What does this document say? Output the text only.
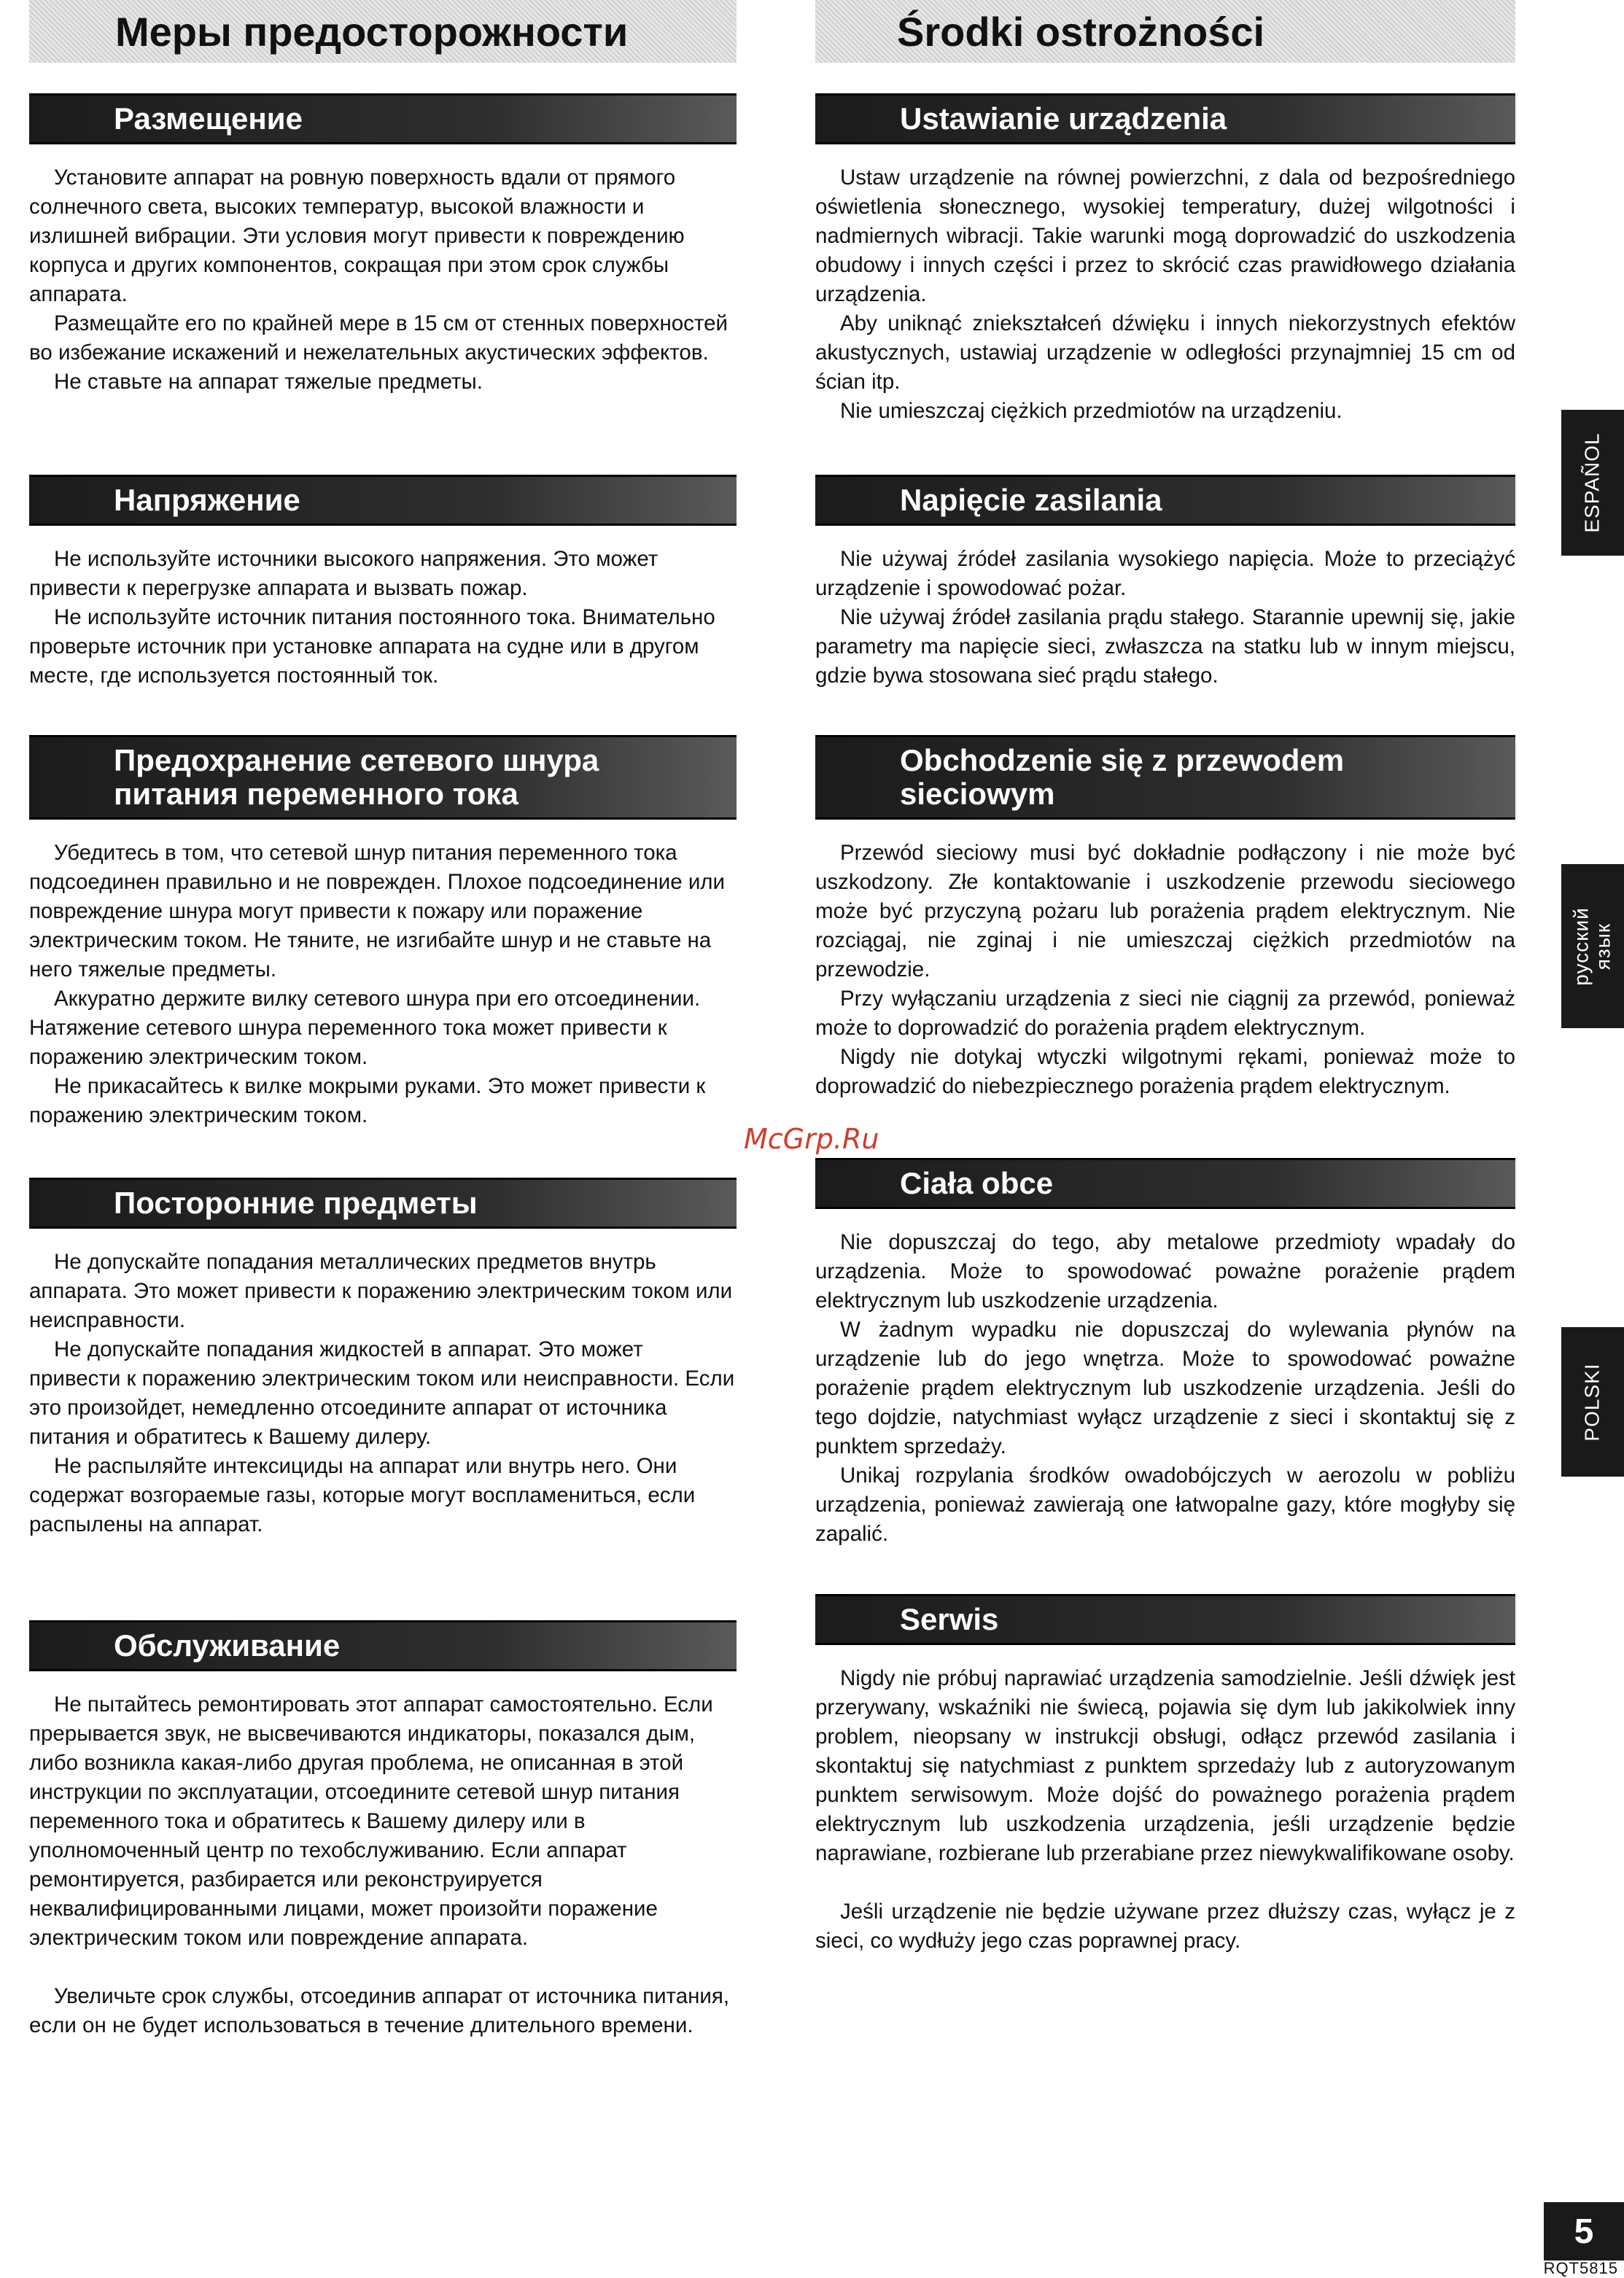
Меры предосторожности
Размещение

Установите аппарат на ровную поверхность вдали от прямого солнечного света, высоких температур, высокой влажности и излишней вибрации. Эти условия могут привести к повреждению корпуса и других компонентов, сокращая при этом срок службы аппарата.

Размещайте его по крайней мере в 15 см от стенных поверхностей во избежание искажений и нежелательных акустических эффектов.

Не ставьте на аппарат тяжелые предметы.

Напряжение

Не используйте источники высокого напряжения. Это может привести к перегрузке аппарата и вызвать пожар.

Не используйте источник питания постоянного тока. Внимательно проверьте источник при установке аппарата на судне или в другом месте, где используется постоянный ток.

Предохранение сетевого шнура питания переменного тока

Убедитесь в том, что сетевой шнур питания переменного тока подсоединен правильно и не поврежден. Плохое подсоединение или повреждение шнура могут привести к пожару или поражение электрическим током. Не тяните, не изгибайте шнур и не ставьте на него тяжелые предметы.

Аккуратно держите вилку сетевого шнура при его отсоединении. Натяжение сетевого шнура переменного тока может привести к поражению электрическим током.

Не прикасайтесь к вилке мокрыми руками. Это может привести к поражению электрическим током.

Посторонние предметы

Не допускайте попадания металлических предметов внутрь аппарата. Это может привести к поражению электрическим током или неисправности.

Не допускайте попадания жидкостей в аппарат. Это может привести к поражению электрическим током или неисправности. Если это произойдет, немедленно отсоедините аппарат от источника питания и обратитесь к Вашему дилеру.

Не распыляйте интексициды на аппарат или внутрь него. Они содержат возгораемые газы, которые могут воспламениться, если распылены на аппарат.

Обслуживание

Не пытайтесь ремонтировать этот аппарат самостоятельно. Если прерывается звук, не высвечиваются индикаторы, показался дым, либо возникла какая-либо другая проблема, не описанная в этой инструкции по эксплуатации, отсоедините сетевой шнур питания переменного тока и обратитесь к Вашему дилеру или в уполномоченный центр по техобслуживанию. Если аппарат ремонтируется, разбирается или реконструируется неквалифицированными лицами, может произойти поражение электрическим током или повреждение аппарата.

Увеличьте срок службы, отсоединив аппарат от источника питания, если он не будет использоваться в течение длительного времени.

Środki ostrożności
Ustawianie urządzenia

Ustaw urządzenie na równej powierzchni, z dala od bezpośredniego oświetlenia słonecznego, wysokiej temperatury, dużej wilgotności i nadmiernych wibracji. Takie warunki mogą doprowadzić do uszkodzenia obudowy i innych części i przez to skrócić czas prawidłowego działania urządzenia.

Aby uniknąć zniekształceń dźwięku i innych niekorzystnych efektów akustycznych, ustawiaj urządzenie w odległości przynajmniej 15 cm od ścian itp.

Nie umieszczaj ciężkich przedmiotów na urządzeniu.

Napięcie zasilania

Nie używaj źródeł zasilania wysokiego napięcia. Może to przeciążyć urządzenie i spowodować pożar.

Nie używaj źródeł zasilania prądu stałego. Starannie upewnij się, jakie parametry ma napięcie sieci, zwłaszcza na statku lub w innym miejscu, gdzie bywa stosowana sieć prądu stałego.

Obchodzenie się z przewodem sieciowym

Przewód sieciowy musi być dokładnie podłączony i nie może być uszkodzony. Złe kontaktowanie i uszkodzenie przewodu sieciowego może być przyczyną pożaru lub porażenia prądem elektrycznym. Nie rozciągaj, nie zginaj i nie umieszczaj ciężkich przedmiotów na przewodzie.

Przy wyłączaniu urządzenia z sieci nie ciągnij za przewód, ponieważ może to doprowadzić do porażenia prądem elektrycznym.

Nigdy nie dotykaj wtyczki wilgotnymi rękami, ponieważ może to doprowadzić do niebezpiecznego porażenia prądem elektrycznym.

Ciała obce

Nie dopuszczaj do tego, aby metalowe przedmioty wpadały do urządzenia. Może to spowodować poważne porażenie prądem elektrycznym lub uszkodzenie urządzenia.

W żadnym wypadku nie dopuszczaj do wylewania płynów na urządzenie lub do jego wnętrza. Może to spowodować poważne porażenie prądem elektrycznym lub uszkodzenie urządzenia. Jeśli do tego dojdzie, natychmiast wyłącz urządzenie z sieci i skontaktuj się z punktem sprzedaży.

Unikaj rozpylania środków owadobójczych w aerozolu w pobliżu urządzenia, ponieważ zawierają one łatwopalne gazy, które mogłyby się zapalić.

Serwis

Nigdy nie próbuj naprawiać urządzenia samodzielnie. Jeśli dźwięk jest przerywany, wskaźniki nie świecą, pojawia się dym lub jakikolwiek inny problem, nieopsany w instrukcji obsługi, odłącz przewód zasilania i skontaktuj się natychmiast z punktem sprzedaży lub z autoryzowanym punktem serwisowym. Może dojść do poważnego porażenia prądem elektrycznym lub uszkodzenia urządzenia, jeśli urządzenie będzie naprawiane, rozbierane lub przerabiane przez niewykwalifikowane osoby.

Jeśli urządzenie nie będzie używane przez dłuższy czas, wyłącz je z sieci, co wydłuży jego czas poprawnej pracy.

ESPAÑOL
русский язык
POLSKI
McGrp.Ru
5
RQT5815
